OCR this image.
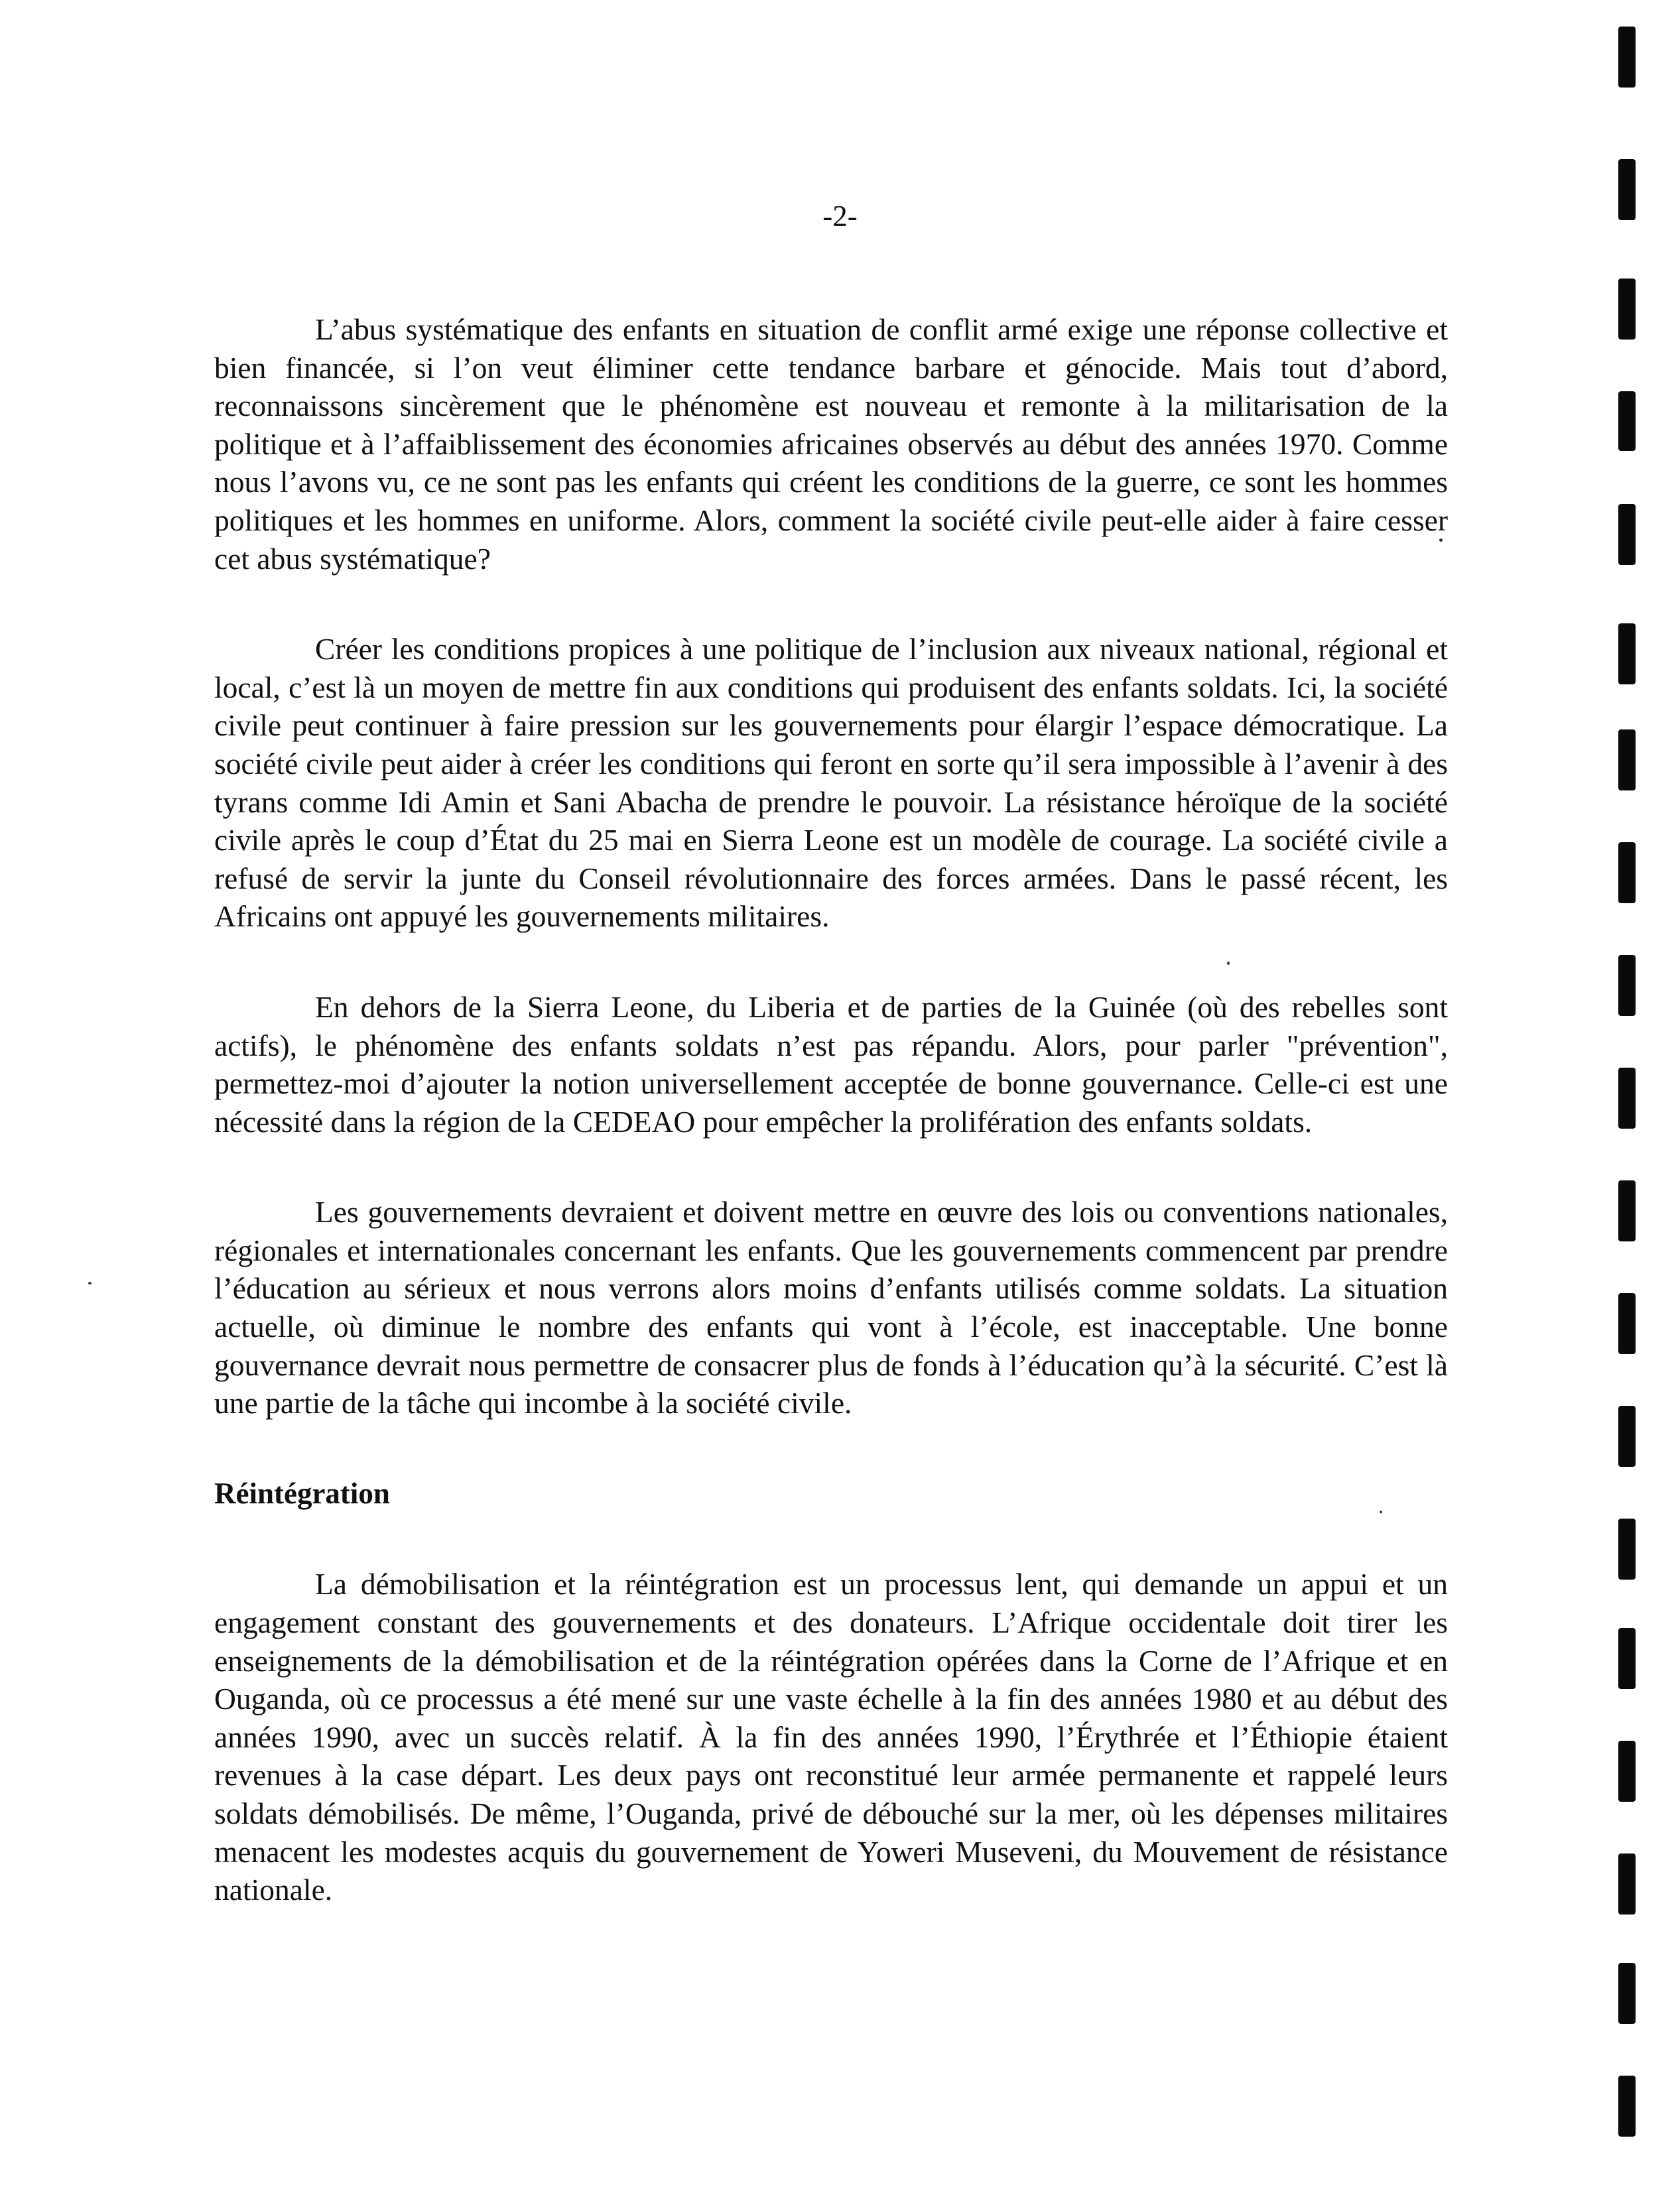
-2-

L’abus systématique des enfants en situation de conflit armé exige une réponse collective et bien financée, si l’on veut éliminer cette tendance barbare et génocide. Mais tout d’abord, reconnaissons sincèrement que le phénomène est nouveau et remonte à la militarisation de la politique et à l’affaiblissement des économies africaines observés au début des années 1970. Comme nous l’avons vu, ce ne sont pas les enfants qui créent les conditions de la guerre, ce sont les hommes politiques et les hommes en uniforme. Alors, comment la société civile peut-elle aider à faire cesser cet abus systématique?

Créer les conditions propices à une politique de l’inclusion aux niveaux national, régional et local, c’est là un moyen de mettre fin aux conditions qui produisent des enfants soldats. Ici, la société civile peut continuer à faire pression sur les gouvernements pour élargir l’espace démocratique. La société civile peut aider à créer les conditions qui feront en sorte qu’il sera impossible à l’avenir à des tyrans comme Idi Amin et Sani Abacha de prendre le pouvoir. La résistance héroïque de la société civile après le coup d’État du 25 mai en Sierra Leone est un modèle de courage. La société civile a refusé de servir la junte du Conseil révolutionnaire des forces armées. Dans le passé récent, les Africains ont appuyé les gouvernements militaires.

En dehors de la Sierra Leone, du Liberia et de parties de la Guinée (où des rebelles sont actifs), le phénomène des enfants soldats n’est pas répandu. Alors, pour parler "prévention", permettez-moi d’ajouter la notion universellement acceptée de bonne gouvernance. Celle-ci est une nécessité dans la région de la CEDEAO pour empêcher la prolifération des enfants soldats.

Les gouvernements devraient et doivent mettre en œuvre des lois ou conventions nationales, régionales et internationales concernant les enfants. Que les gouvernements commencent par prendre l’éducation au sérieux et nous verrons alors moins d’enfants utilisés comme soldats. La situation actuelle, où diminue le nombre des enfants qui vont à l’école, est inacceptable. Une bonne gouvernance devrait nous permettre de consacrer plus de fonds à l’éducation qu’à la sécurité. C’est là une partie de la tâche qui incombe à la société civile.

Réintégration

La démobilisation et la réintégration est un processus lent, qui demande un appui et un engagement constant des gouvernements et des donateurs. L’Afrique occidentale doit tirer les enseignements de la démobilisation et de la réintégration opérées dans la Corne de l’Afrique et en Ouganda, où ce processus a été mené sur une vaste échelle à la fin des années 1980 et au début des années 1990, avec un succès relatif. À la fin des années 1990, l’Érythrée et l’Éthiopie étaient revenues à la case départ. Les deux pays ont reconstitué leur armée permanente et rappelé leurs soldats démobilisés. De même, l’Ouganda, privé de débouché sur la mer, où les dépenses militaires menacent les modestes acquis du gouvernement de Yoweri Museveni, du Mouvement de résistance nationale.
